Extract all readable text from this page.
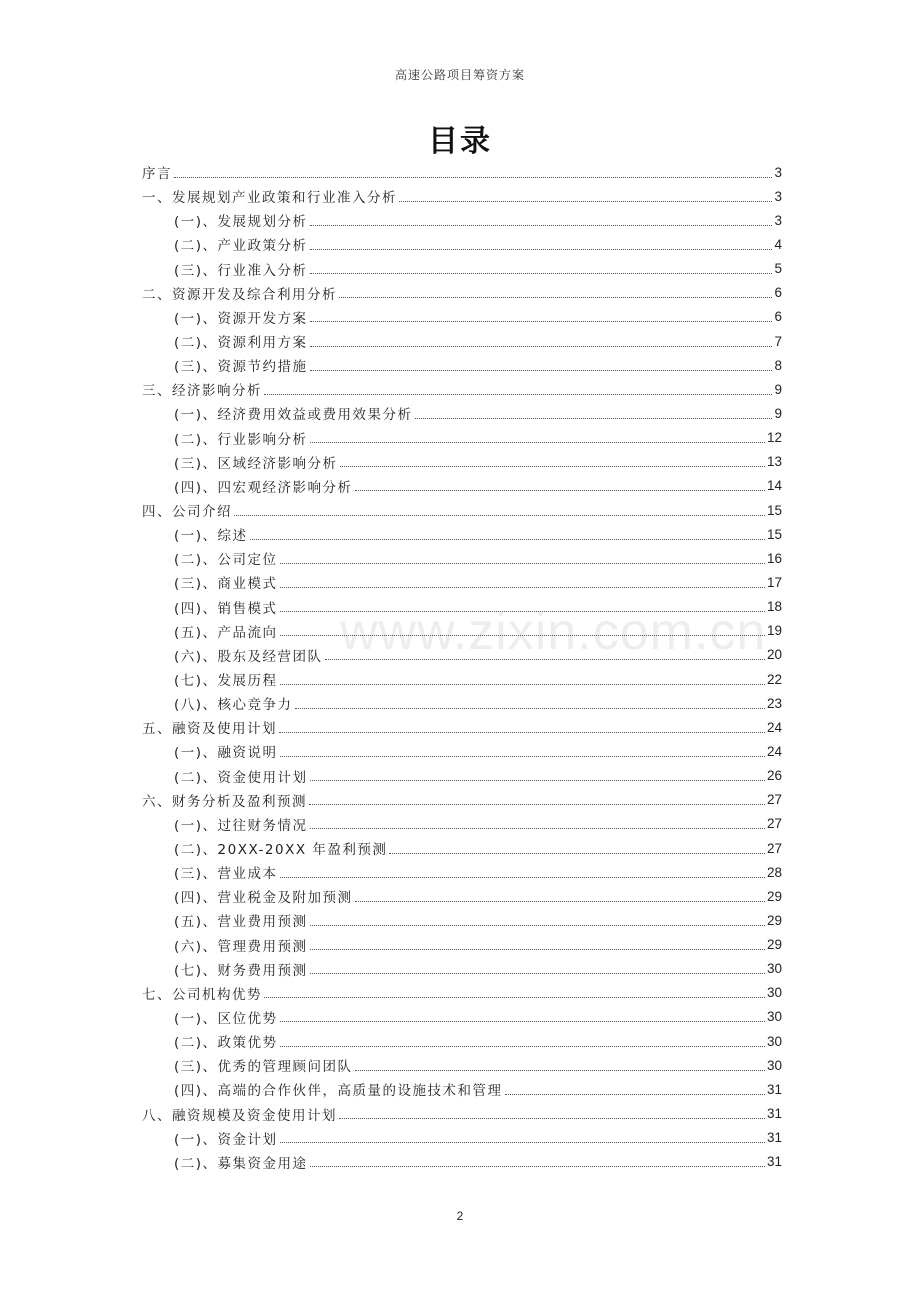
高速公路项目筹资方案
目录
www.zixin.com.cn
序言	3
一、发展规划产业政策和行业准入分析	3
(一)、发展规划分析	3
(二)、产业政策分析	4
(三)、行业准入分析	5
二、资源开发及综合利用分析	6
(一)、资源开发方案	6
(二)、资源利用方案	7
(三)、资源节约措施	8
三、经济影响分析	9
(一)、经济费用效益或费用效果分析	9
(二)、行业影响分析	12
(三)、区域经济影响分析	13
(四)、四宏观经济影响分析	14
四、公司介绍	15
(一)、综述	15
(二)、公司定位	16
(三)、商业模式	17
(四)、销售模式	18
(五)、产品流向	19
(六)、股东及经营团队	20
(七)、发展历程	22
(八)、核心竞争力	23
五、融资及使用计划	24
(一)、融资说明	24
(二)、资金使用计划	26
六、财务分析及盈利预测	27
(一)、过往财务情况	27
(二)、20XX-20XX 年盈利预测	27
(三)、营业成本	28
(四)、营业税金及附加预测	29
(五)、营业费用预测	29
(六)、管理费用预测	29
(七)、财务费用预测	30
七、公司机构优势	30
(一)、区位优势	30
(二)、政策优势	30
(三)、优秀的管理顾问团队	30
(四)、高端的合作伙伴，高质量的设施技术和管理	31
八、融资规模及资金使用计划	31
(一)、资金计划	31
(二)、募集资金用途	31
2
